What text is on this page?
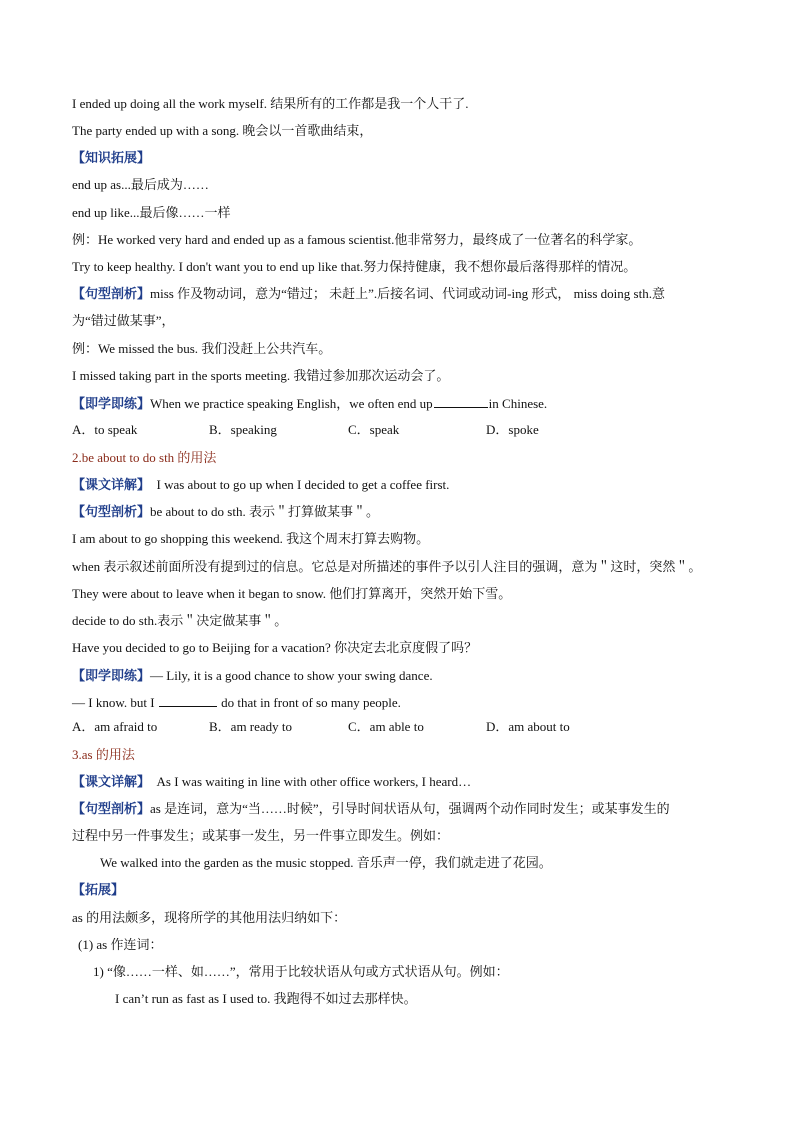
I ended up doing all the work myself. 结果所有的工作都是我一个人干了.
The party ended up with a song. 晚会以一首歌曲结束，
【知识拓展】
end up as...最后成为……
end up like...最后像……一样
例：He worked very hard and ended up as a famous scientist.他非常努力，最终成了一位著名的科学家。
Try to keep healthy. I don't want you to end up like that.努力保持健康，我不想你最后落得那样的情况。
【句型剖析】miss 作及物动词，意为“错过； 未赶上”.后接名词、代词或动词-ing 形式， miss doing sth.意
为“错过做某事”，
例：We missed the bus. 我们没赶上公共汽车。
I missed taking part in the sports meeting. 我错过参加那次运动会了。
【即学即练】When we practice speaking English，we often end up	in Chinese.
A．to speak	B．speaking	C．speak	D．spoke
2.be about to do sth 的用法
【课文详解】 I was about to go up when I decided to get a coffee first.
【句型剖析】be about to do sth. 表示＂打算做某事＂。
I am about to go shopping this weekend. 我这个周末打算去购物。
when 表示叙述前面所没有提到过的信息。它总是对所描述的事件予以引人注目的强调，意为＂这时，突然＂。
They were about to leave when it began to snow. 他们打算离开，突然开始下雪。
decide to do sth.表示＂决定做某事＂。
Have you decided to go to Beijing for a vacation? 你决定去北京度假了吗？
【即学即练】— Lily, it is a good chance to show your swing dance.
— I know. but I	do that in front of so many people.
A．am afraid to	B．am ready to	C．am able to	D．am about to
3.as 的用法
【课文详解】 As I was waiting in line with other office workers, I heard…
【句型剖析】as 是连词，意为“当……时候”，引导时间状语从句，强调两个动作同时发生；或某事发生的
过程中另一件事发生；或某事一发生，另一件事立即发生。例如：
We walked into the garden as the music stopped. 音乐声一停，我们就走进了花园。
【拓展】
as 的用法颇多，现将所学的其他用法归纳如下：
(1) as 作连词：
1) “像……一样、如……”，常用于比较状语从句或方式状语从句。例如：
I can’t run as fast as I used to. 我跑得不如过去那样快。
